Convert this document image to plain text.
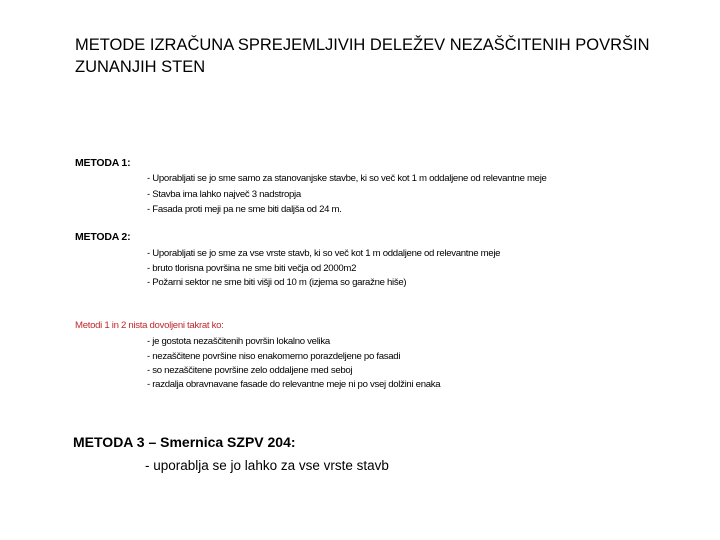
METODE IZRAČUNA SPREJEMLJIVIH DELEŽEV NEZAŠČITENIH POVRŠIN ZUNANJIH STEN
METODA 1:
- Uporabljati se jo sme samo za stanovanjske stavbe, ki so več kot 1 m oddaljene od relevantne meje
- Stavba ima lahko največ 3 nadstropja
- Fasada proti meji pa ne sme biti daljša od 24 m.
METODA 2:
- Uporabljati se jo sme za vse vrste stavb, ki so več kot 1 m oddaljene od relevantne meje
- bruto tlorisna površina ne sme biti večja od 2000m2
- Požarni sektor ne sme biti višji od 10 m (izjema so garažne hiše)
Metodi 1 in 2 nista dovoljeni takrat ko:
- je gostota nezaščitenih površin lokalno velika
- nezaščitene površine niso enakomerno porazdeljene po fasadi
- so nezaščitene površine zelo oddaljene med seboj
- razdalja obravnavane fasade do relevantne meje ni po vsej dolžini enaka
METODA 3 – Smernica SZPV 204:
- uporablja se jo lahko za vse vrste stavb
